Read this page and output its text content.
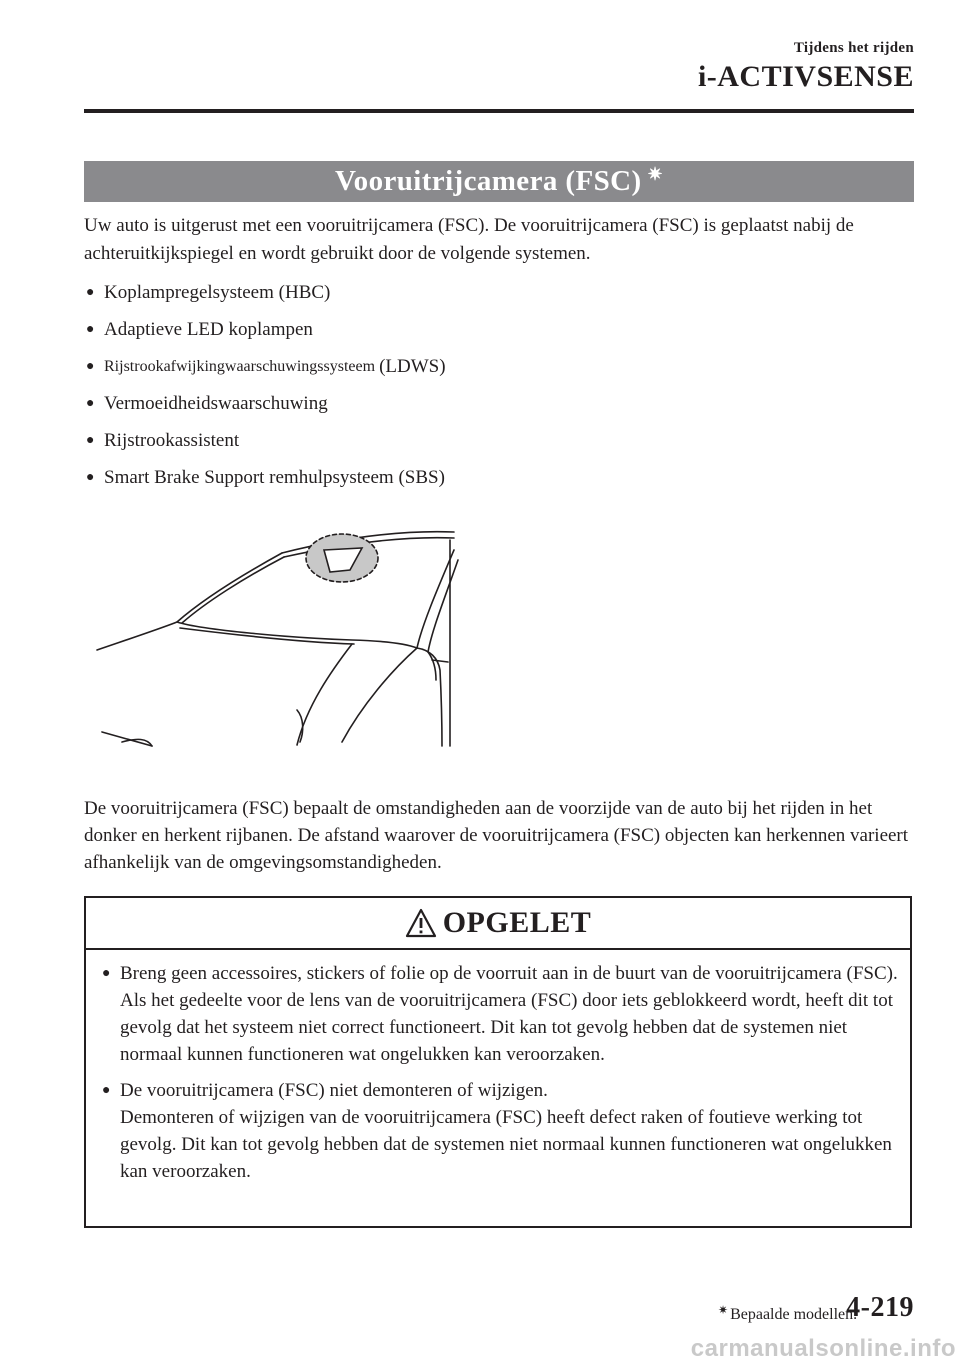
Tijdens het rijden
i-ACTIVSENSE
Vooruitrijcamera (FSC) ✷

Uw auto is uitgerust met een vooruitrijcamera (FSC). De vooruitrijcamera (FSC) is geplaatst nabij de achteruitkijkspiegel en wordt gebruikt door de volgende systemen.

● Koplampregelsysteem (HBC)
● Adaptieve LED koplampen
● Rijstrookafwijkingwaarschuwingssysteem (LDWS)
● Vermoeidheidswaarschuwing
● Rijstrookassistent
● Smart Brake Support remhulpsysteem (SBS)

De vooruitrijcamera (FSC) bepaalt de omstandigheden aan de voorzijde van de auto bij het rijden in het donker en herkent rijbanen. De afstand waarover de vooruitrijcamera (FSC) objecten kan herkennen varieert afhankelijk van de omgevingsomstandigheden.

OPGELET
● Breng geen accessoires, stickers of folie op de voorruit aan in de buurt van de vooruitrijcamera (FSC).

Als het gedeelte voor de lens van de vooruitrijcamera (FSC) door iets geblokkeerd wordt, heeft dit tot gevolg dat het systeem niet correct functioneert. Dit kan tot gevolg hebben dat de systemen niet normaal kunnen functioneren wat ongelukken kan veroorzaken.

● De vooruitrijcamera (FSC) niet demonteren of wijzigen.

Demonteren of wijzigen van de vooruitrijcamera (FSC) heeft defect raken of foutieve werking tot gevolg. Dit kan tot gevolg hebben dat de systemen niet normaal kunnen functioneren wat ongelukken kan veroorzaken.

✷ Bepaalde modellen.
4-219
carmanualsonline.info
